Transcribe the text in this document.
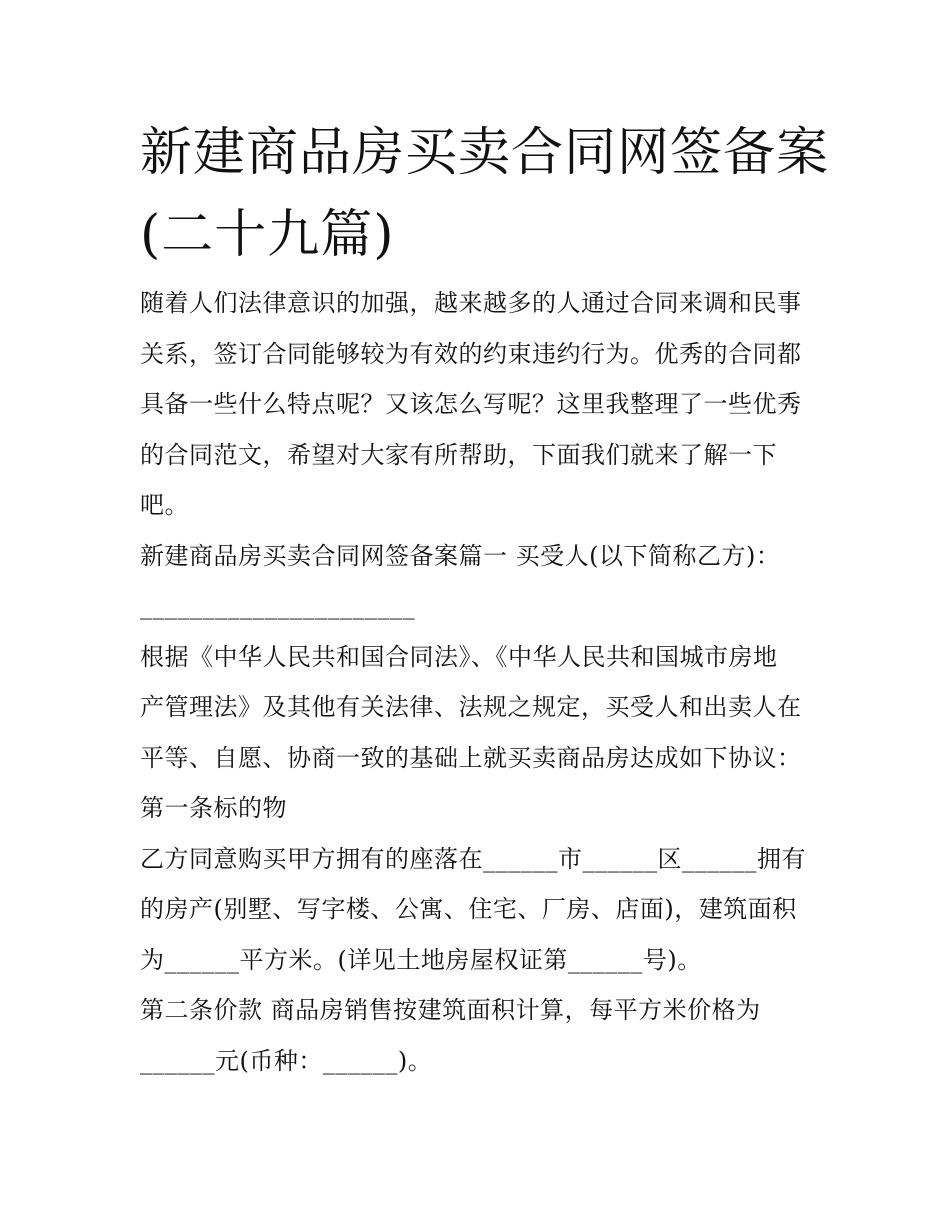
新建商品房买卖合同网签备案
(二十九篇)
随着人们法律意识的加强，越来越多的人通过合同来调和民事
关系，签订合同能够较为有效的约束违约行为。优秀的合同都
具备一些什么特点呢？又该怎么写呢？这里我整理了一些优秀
的合同范文，希望对大家有所帮助，下面我们就来了解一下
吧。
新建商品房买卖合同网签备案篇一 买受人(以下简称乙方)：
______________________
根据《中华人民共和国合同法》、《中华人民共和国城市房地
产管理法》及其他有关法律、法规之规定，买受人和出卖人在
平等、自愿、协商一致的基础上就买卖商品房达成如下协议：
第一条标的物
乙方同意购买甲方拥有的座落在______市______区______拥有
的房产(别墅、写字楼、公寓、住宅、厂房、店面)，建筑面积
为______平方米。(详见土地房屋权证第______号)。
第二条价款 商品房销售按建筑面积计算，每平方米价格为
______元(币种：______)。
